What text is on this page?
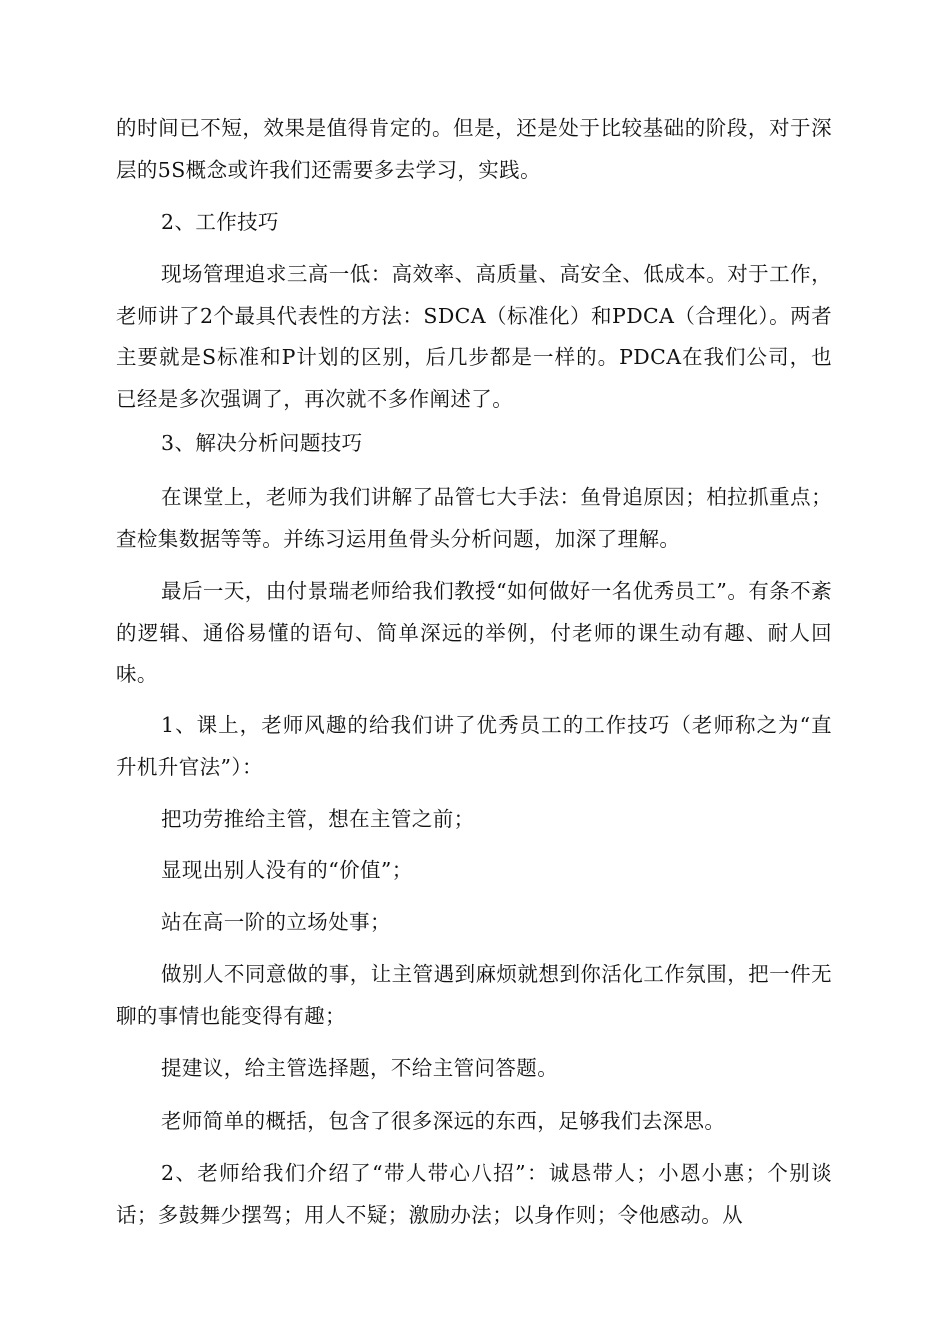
的时间已不短，效果是值得肯定的。但是，还是处于比较基础的阶段，对于深层的5S概念或许我们还需要多去学习，实践。

2、工作技巧

现场管理追求三高一低：高效率、高质量、高安全、低成本。对于工作，老师讲了2个最具代表性的方法：SDCA（标准化）和PDCA（合理化）。两者主要就是S标准和P计划的区别，后几步都是一样的。PDCA在我们公司，也已经是多次强调了，再次就不多作阐述了。

3、解决分析问题技巧

在课堂上，老师为我们讲解了品管七大手法：鱼骨追原因；柏拉抓重点；查检集数据等等。并练习运用鱼骨头分析问题，加深了理解。

最后一天，由付景瑞老师给我们教授“如何做好一名优秀员工”。有条不紊的逻辑、通俗易懂的语句、简单深远的举例，付老师的课生动有趣、耐人回味。

1、课上，老师风趣的给我们讲了优秀员工的工作技巧（老师称之为“直升机升官法”）：

把功劳推给主管，想在主管之前；

显现出别人没有的“价值”；

站在高一阶的立场处事；

做别人不同意做的事，让主管遇到麻烦就想到你活化工作氛围，把一件无聊的事情也能变得有趣；

提建议，给主管选择题，不给主管问答题。

老师简单的概括，包含了很多深远的东西，足够我们去深思。

2、老师给我们介绍了“带人带心八招”：诚恳带人；小恩小惠；个别谈话；多鼓舞少摆驾；用人不疑；激励办法；以身作则；令他感动。从
